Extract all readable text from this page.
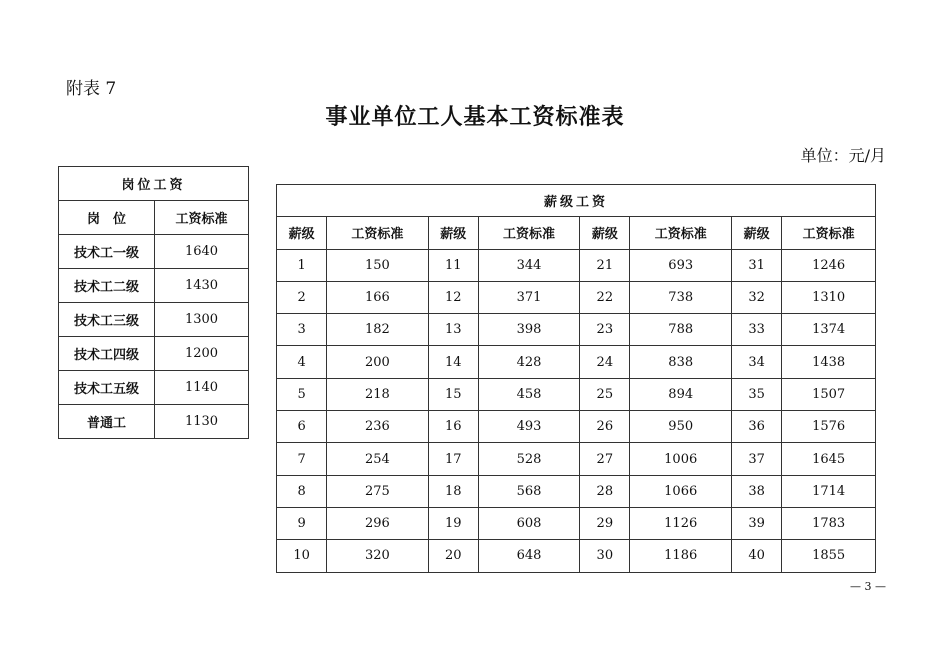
附表 7
事业单位工人基本工资标准表
单位：元/月
岗位工资	
岗　位	工资标准
技术工一级	1640
技术工二级	1430
技术工三级	1300
技术工四级	1200
技术工五级	1140
普通工	1130
薪级工资							
薪级	工资标准	薪级	工资标准	薪级	工资标准	薪级	工资标准
1	150	11	344	21	693	31	1246
2	166	12	371	22	738	32	1310
3	182	13	398	23	788	33	1374
4	200	14	428	24	838	34	1438
5	218	15	458	25	894	35	1507
6	236	16	493	26	950	36	1576
7	254	17	528	27	1006	37	1645
8	275	18	568	28	1066	38	1714
9	296	19	608	29	1126	39	1783
10	320	20	648	30	1186	40	1855
— 3 —
